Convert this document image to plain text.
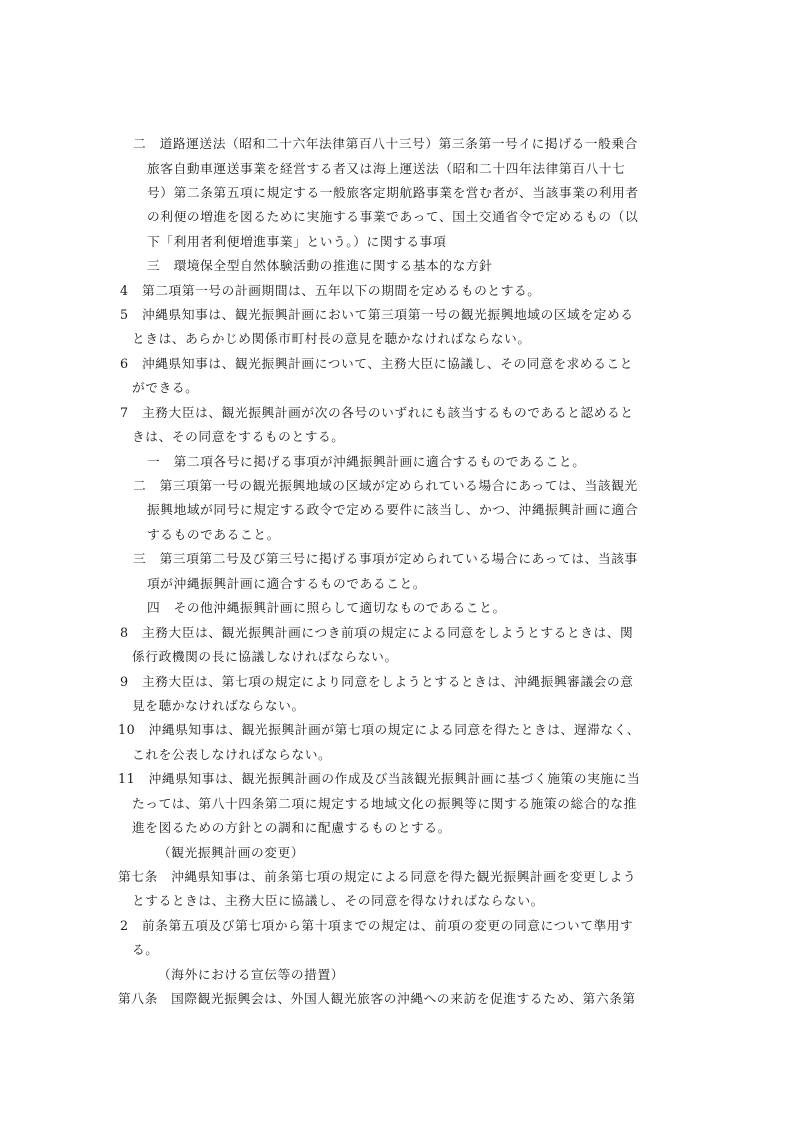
二　道路運送法（昭和二十六年法律第百八十三号）第三条第一号イに掲げる一般乗合

旅客自動車運送事業を経営する者又は海上運送法（昭和二十四年法律第百八十七

号）第二条第五項に規定する一般旅客定期航路事業を営む者が、当該事業の利用者

の利便の増進を図るために実施する事業であって、国土交通省令で定めるもの（以

下「利用者利便増進事業」という。）に関する事項

三　環境保全型自然体験活動の推進に関する基本的な方針

4　第二項第一号の計画期間は、五年以下の期間を定めるものとする。

5　沖縄県知事は、観光振興計画において第三項第一号の観光振興地域の区域を定める

ときは、あらかじめ関係市町村長の意見を聴かなければならない。

6　沖縄県知事は、観光振興計画について、主務大臣に協議し、その同意を求めること

ができる。

7　主務大臣は、観光振興計画が次の各号のいずれにも該当するものであると認めると

きは、その同意をするものとする。

一　第二項各号に掲げる事項が沖縄振興計画に適合するものであること。

二　第三項第一号の観光振興地域の区域が定められている場合にあっては、当該観光

振興地域が同号に規定する政令で定める要件に該当し、かつ、沖縄振興計画に適合

するものであること。

三　第三項第二号及び第三号に掲げる事項が定められている場合にあっては、当該事

項が沖縄振興計画に適合するものであること。

四　その他沖縄振興計画に照らして適切なものであること。

8　主務大臣は、観光振興計画につき前項の規定による同意をしようとするときは、関

係行政機関の長に協議しなければならない。

9　主務大臣は、第七項の規定により同意をしようとするときは、沖縄振興審議会の意

見を聴かなければならない。

10　沖縄県知事は、観光振興計画が第七項の規定による同意を得たときは、遅滞なく、

これを公表しなければならない。

11　沖縄県知事は、観光振興計画の作成及び当該観光振興計画に基づく施策の実施に当

たっては、第八十四条第二項に規定する地域文化の振興等に関する施策の総合的な推

進を図るための方針との調和に配慮するものとする。

（観光振興計画の変更）

第七条　沖縄県知事は、前条第七項の規定による同意を得た観光振興計画を変更しよう

とするときは、主務大臣に協議し、その同意を得なければならない。

2　前条第五項及び第七項から第十項までの規定は、前項の変更の同意について準用す

る。

（海外における宣伝等の措置）

第八条　国際観光振興会は、外国人観光旅客の沖縄への来訪を促進するため、第六条第
